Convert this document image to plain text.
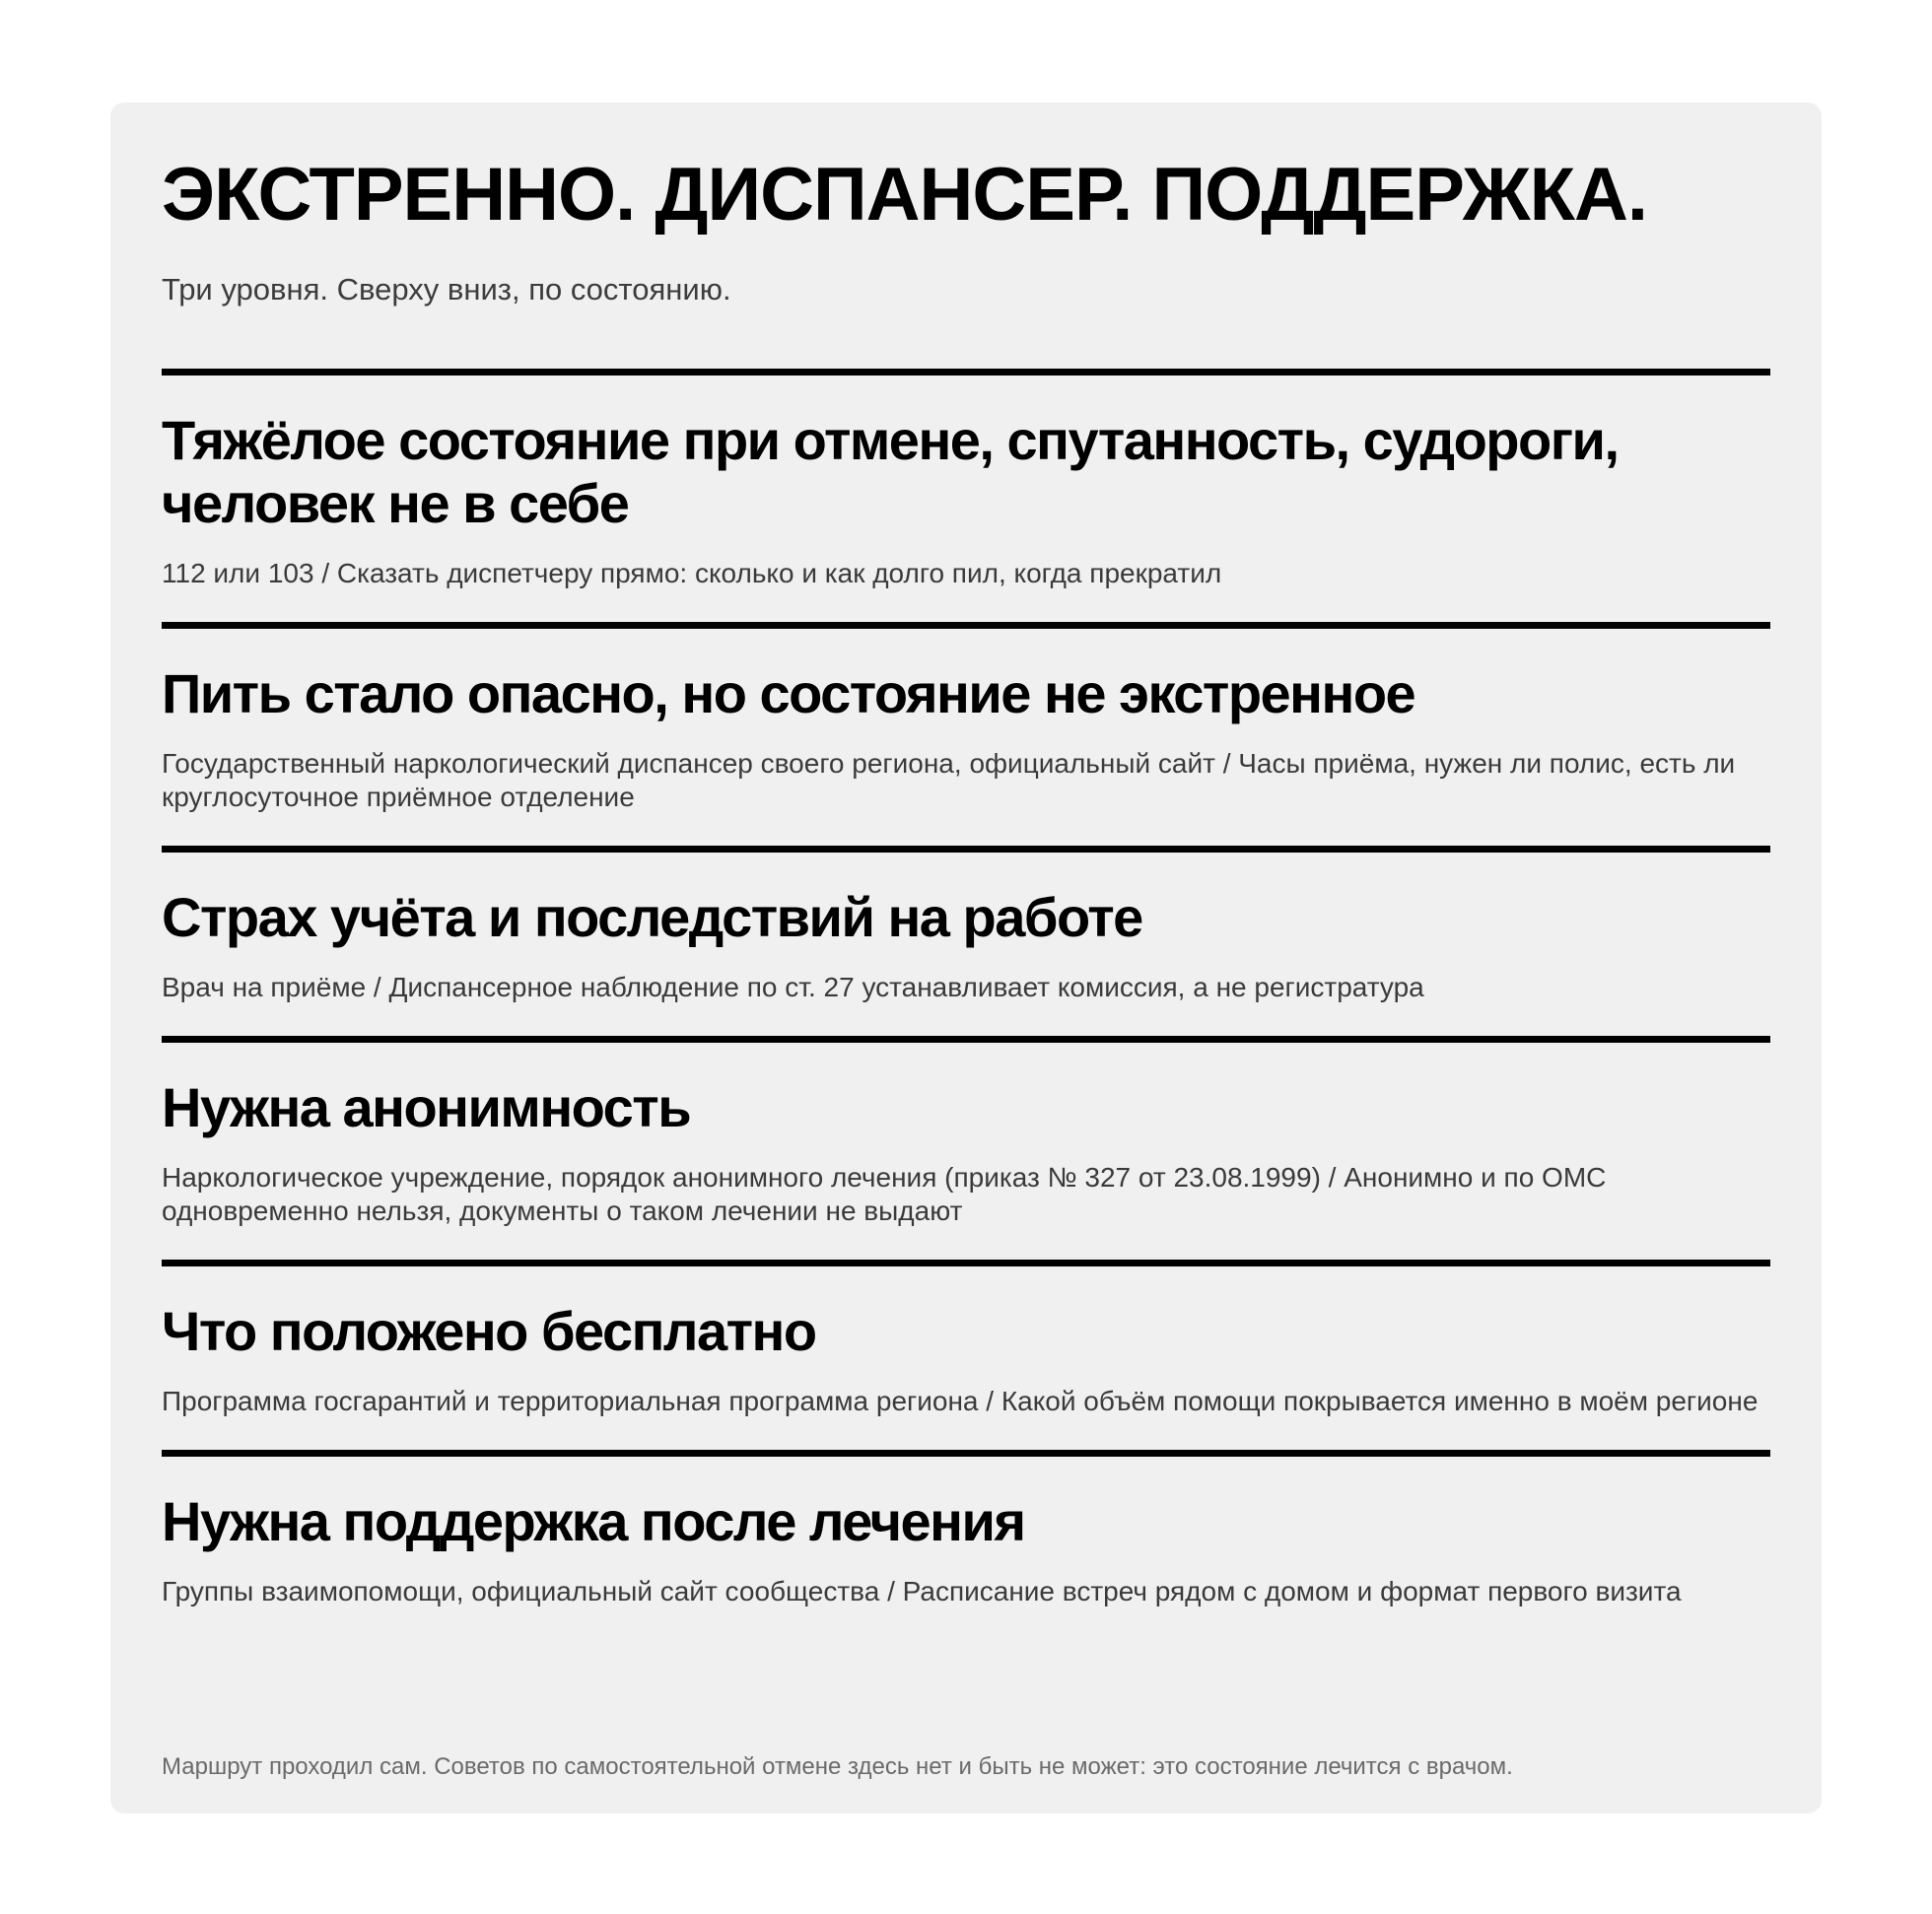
ЭКСТРЕННО. ДИСПАНСЕР. ПОДДЕРЖКА.

Три уровня. Сверху вниз, по состоянию.

Тяжёлое состояние при отмене, спутанность, судороги, человек не в себе

112 или 103 / Сказать диспетчеру прямо: сколько и как долго пил, когда прекратил

Пить стало опасно, но состояние не экстренное

Государственный наркологический диспансер своего региона, официальный сайт / Часы приёма, нужен ли полис, есть ли круглосуточное приёмное отделение

Страх учёта и последствий на работе

Врач на приёме / Диспансерное наблюдение по ст. 27 устанавливает комиссия, а не регистратура

Нужна анонимность

Наркологическое учреждение, порядок анонимного лечения (приказ № 327 от 23.08.1999) / Анонимно и по ОМС одновременно нельзя, документы о таком лечении не выдают

Что положено бесплатно

Программа госгарантий и территориальная программа региона / Какой объём помощи покрывается именно в моём регионе

Нужна поддержка после лечения

Группы взаимопомощи, официальный сайт сообщества / Расписание встреч рядом с домом и формат первого визита

Маршрут проходил сам. Советов по самостоятельной отмене здесь нет и быть не может: это состояние лечится с врачом.
